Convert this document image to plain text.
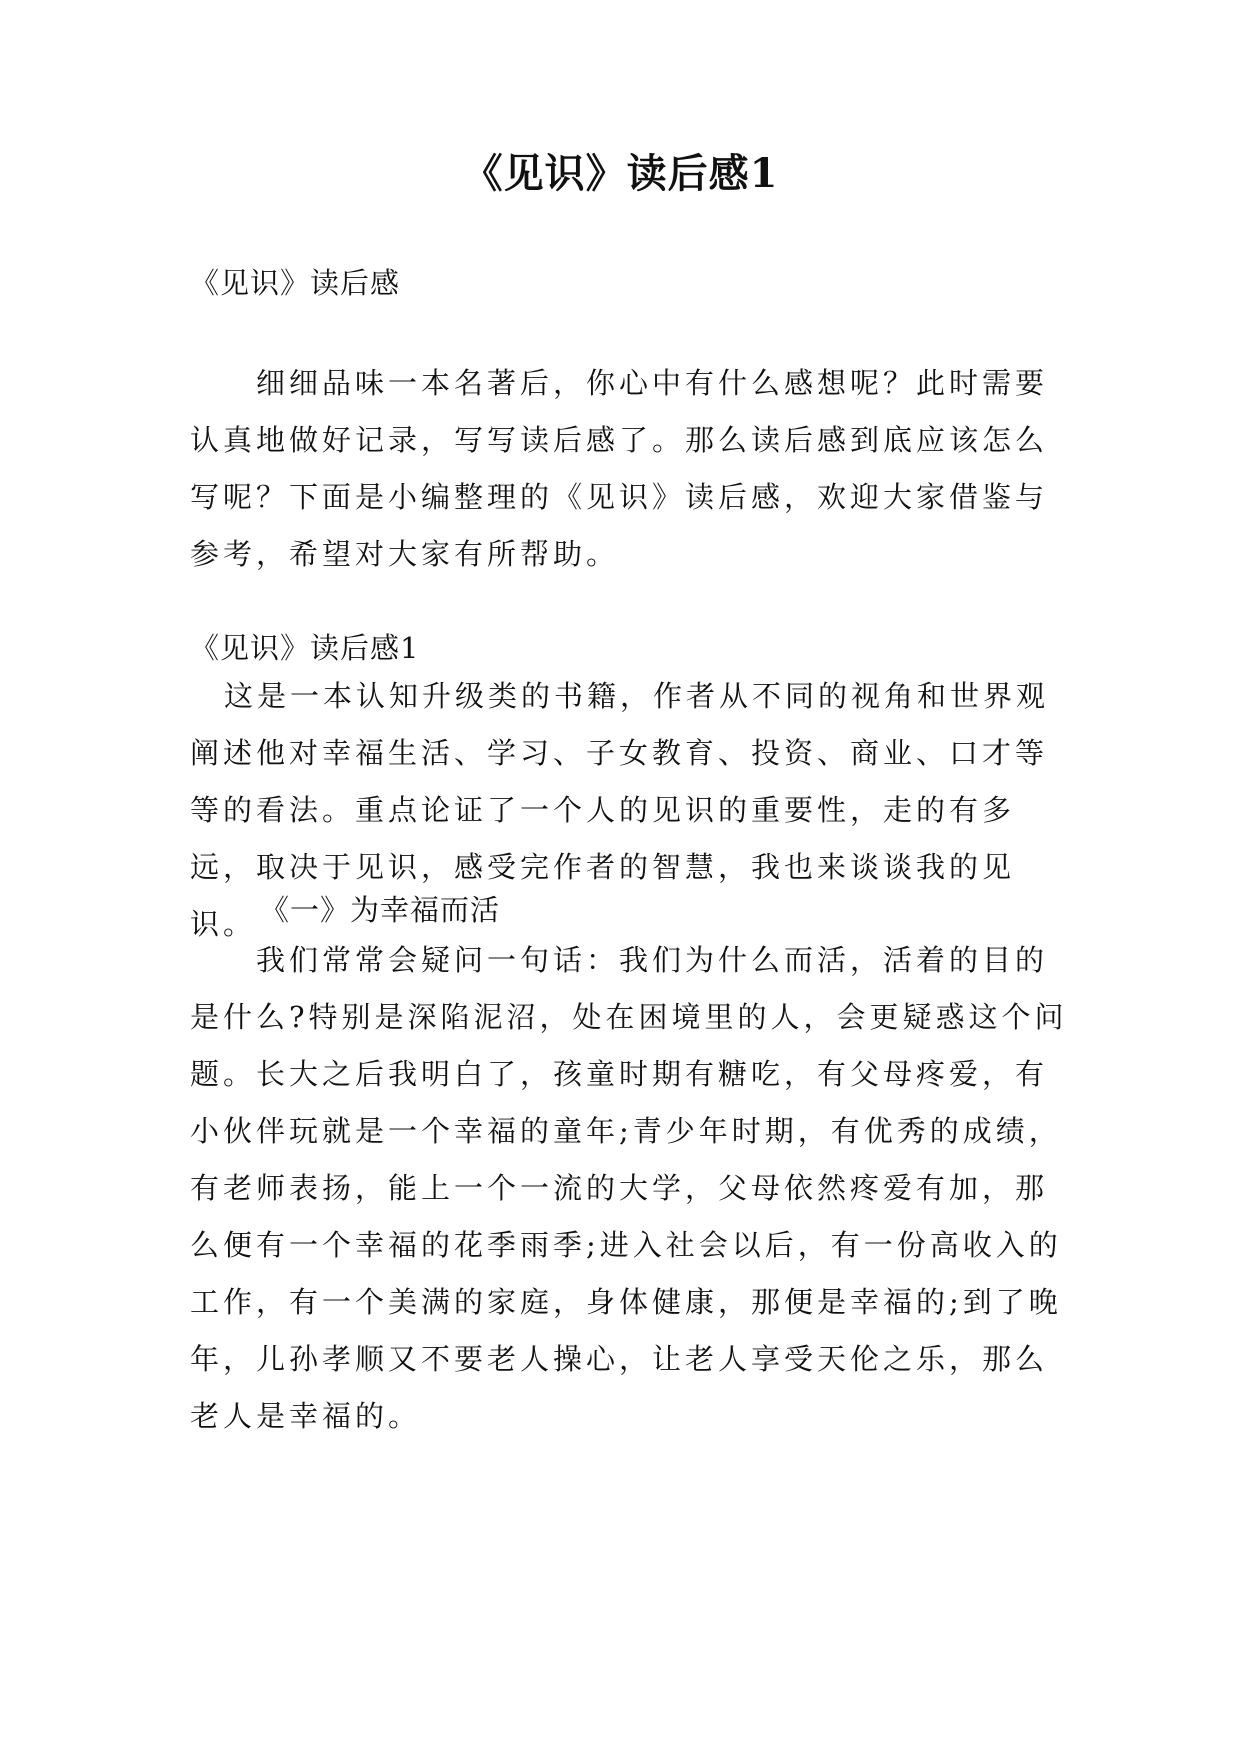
《见识》读后感1
《见识》读后感

细细品味一本名著后，你心中有什么感想呢？此时需要认真地做好记录，写写读后感了。那么读后感到底应该怎么写呢？下面是小编整理的《见识》读后感，欢迎大家借鉴与参考，希望对大家有所帮助。

《见识》读后感1

这是一本认知升级类的书籍，作者从不同的视角和世界观阐述他对幸福生活、学习、子女教育、投资、商业、口才等等的看法。重点论证了一个人的见识的重要性，走的有多远，取决于见识，感受完作者的智慧，我也来谈谈我的见识。 《一》为幸福而活

我们常常会疑问一句话：我们为什么而活，活着的目的是什么?特别是深陷泥沼，处在困境里的人，会更疑惑这个问题。长大之后我明白了，孩童时期有糖吃，有父母疼爱，有小伙伴玩就是一个幸福的童年;青少年时期，有优秀的成绩，有老师表扬，能上一个一流的大学，父母依然疼爱有加，那么便有一个幸福的花季雨季;进入社会以后，有一份高收入的工作，有一个美满的家庭，身体健康，那便是幸福的;到了晚年，儿孙孝顺又不要老人操心，让老人享受天伦之乐，那么老人是幸福的。
